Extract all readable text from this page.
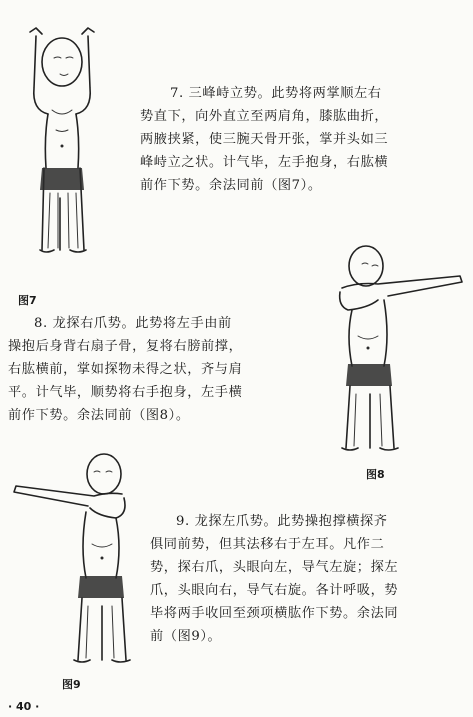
图7
7. 三峰峙立势。此势将两掌顺左右
势直下，向外直立至两肩角，膝肱曲折，
两腋挟紧，使三腕天骨开张，掌并头如三
峰峙立之状。计气毕，左手抱身，右肱横
前作下势。余法同前（图7）。
图8
8. 龙探右爪势。此势将左手由前
操抱后身背右扇子骨，复将右膀前撑，
右肱横前，掌如探物未得之状，齐与肩
平。计气毕，顺势将右手抱身，左手横
前作下势。余法同前（图8）。
图9
9. 龙探左爪势。此势操抱撑横探齐
俱同前势，但其法移右于左耳。凡作二
势，探右爪，头眼向左，导气左旋；探左
爪，头眼向右，导气右旋。各计呼吸，势
毕将两手收回至颈项横肱作下势。余法同
前（图9）。
· 40 ·
